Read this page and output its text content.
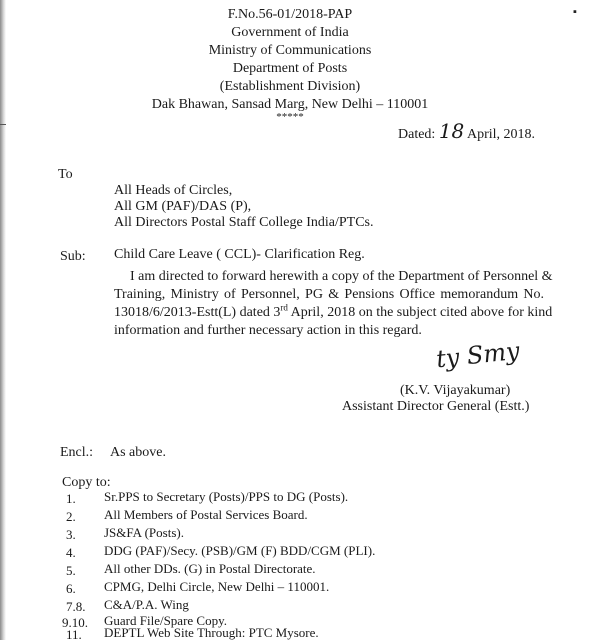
▪
F.No.56-01/2018-PAP
Government of India
Ministry of Communications
Department of Posts
(Establishment Division)
Dak Bhawan, Sansad Marg, New Delhi – 110001
*****
Dated: 18 April, 2018.
To
All Heads of Circles,
All GM (PAF)/DAS (P),
All Directors Postal Staff College India/PTCs.
Sub: Child Care Leave ( CCL)- Clarification Reg.
I am directed to forward herewith a copy of the Department of Personnel &
Training, Ministry of Personnel, PG & Pensions Office memorandum No.
13018/6/2013-Estt(L) dated 3rd April, 2018 on the subject cited above for kind
information and further necessary action in this regard.
ty Smy
(K.V. Vijayakumar)
Assistant Director General (Estt.)
Encl.: As above.
Copy to:
1. Sr.PPS to Secretary (Posts)/PPS to DG (Posts).
2. All Members of Postal Services Board.
3. JS&FA (Posts).
4. DDG (PAF)/Secy. (PSB)/GM (F) BDD/CGM (PLI).
5. All other DDs. (G) in Postal Directorate.
6. CPMG, Delhi Circle, New Delhi – 110001.
7.8. C&A/P.A. Wing
9.10. Guard File/Spare Copy.
11. DEPTL Web Site Through: PTC Mysore.
